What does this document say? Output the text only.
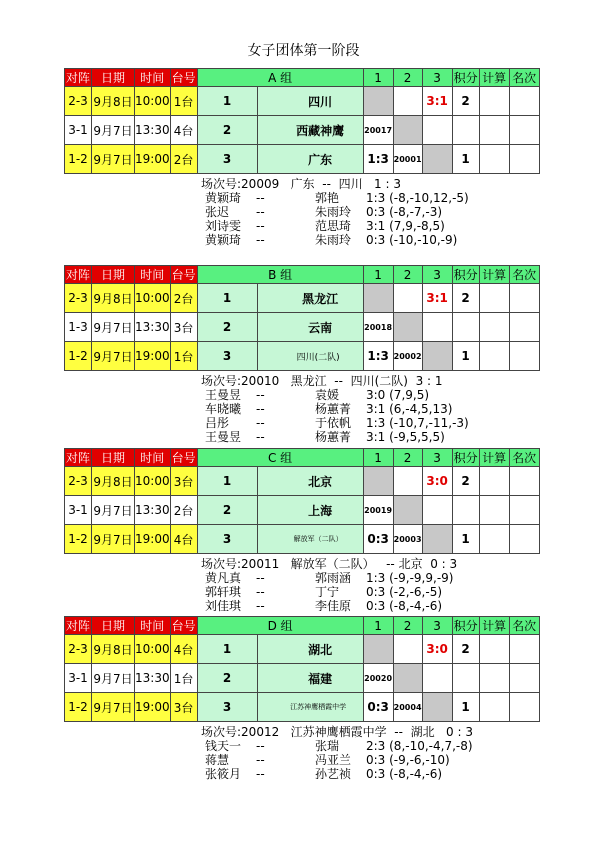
女子团体第一阶段
对阵	日期	时间	台号	A 组		1	2	3	积分	计算	名次
2-3	9月8日	10:00	1台	1	四川			3:1	2		
3-1	9月7日	13:30	4台	2	西藏神鹰	20017					
1-2	9月7日	19:00	2台	3	广东	1:3	20001		1		
场次号:20009   广东  --  四川   1 : 3
黄颖琦 --	郭艳 1:3 (-8,-10,12,-5)
张迟 --	朱雨玲 0:3 (-8,-7,-3)
刘诗雯 --	范思琦 3:1 (7,9,-8,5)
黄颖琦 --	朱雨玲 0:3 (-10,-10,-9)
对阵	日期	时间	台号	B 组		1	2	3	积分	计算	名次
2-3	9月8日	10:00	2台	1	黑龙江			3:1	2		
1-3	9月7日	13:30	3台	2	云南	20018					
1-2	9月7日	19:00	1台	3	四川(二队)	1:3	20002		1		
场次号:20010   黑龙江  --  四川(二队)  3 : 1
王曼昱 --	袁媛 3:0 (7,9,5)
车晓曦 --	杨蕙菁 3:1 (6,-4,5,13)
吕彤 --	于依帆 1:3 (-10,7,-11,-3)
王曼昱 --	杨蕙菁 3:1 (-9,5,5,5)
对阵	日期	时间	台号	C 组		1	2	3	积分	计算	名次
2-3	9月8日	10:00	3台	1	北京			3:0	2		
3-1	9月7日	13:30	2台	2	上海	20019					
1-2	9月7日	19:00	4台	3	解放军（二队）	0:3	20003		1		
场次号:20011   解放军（二队）   -- 北京  0 : 3
黄凡真 --	郭雨涵 1:3 (-9,-9,9,-9)
郭轩琪 --	丁宁 0:3 (-2,-6,-5)
刘佳琪 --	李佳原 0:3 (-8,-4,-6)
对阵	日期	时间	台号	D 组		1	2	3	积分	计算	名次
2-3	9月8日	10:00	4台	1	湖北			3:0	2		
3-1	9月7日	13:30	1台	2	福建	20020					
1-2	9月7日	19:00	3台	3	江苏神鹰栖霞中学	0:3	20004		1		
场次号:20012   江苏神鹰栖霞中学  --  湖北   0 : 3
钱天一 --	张瑞 2:3 (8,-10,-4,7,-8)
蒋慧 --	冯亚兰 0:3 (-9,-6,-10)
张筱月 --	孙艺祯 0:3 (-8,-4,-6)
